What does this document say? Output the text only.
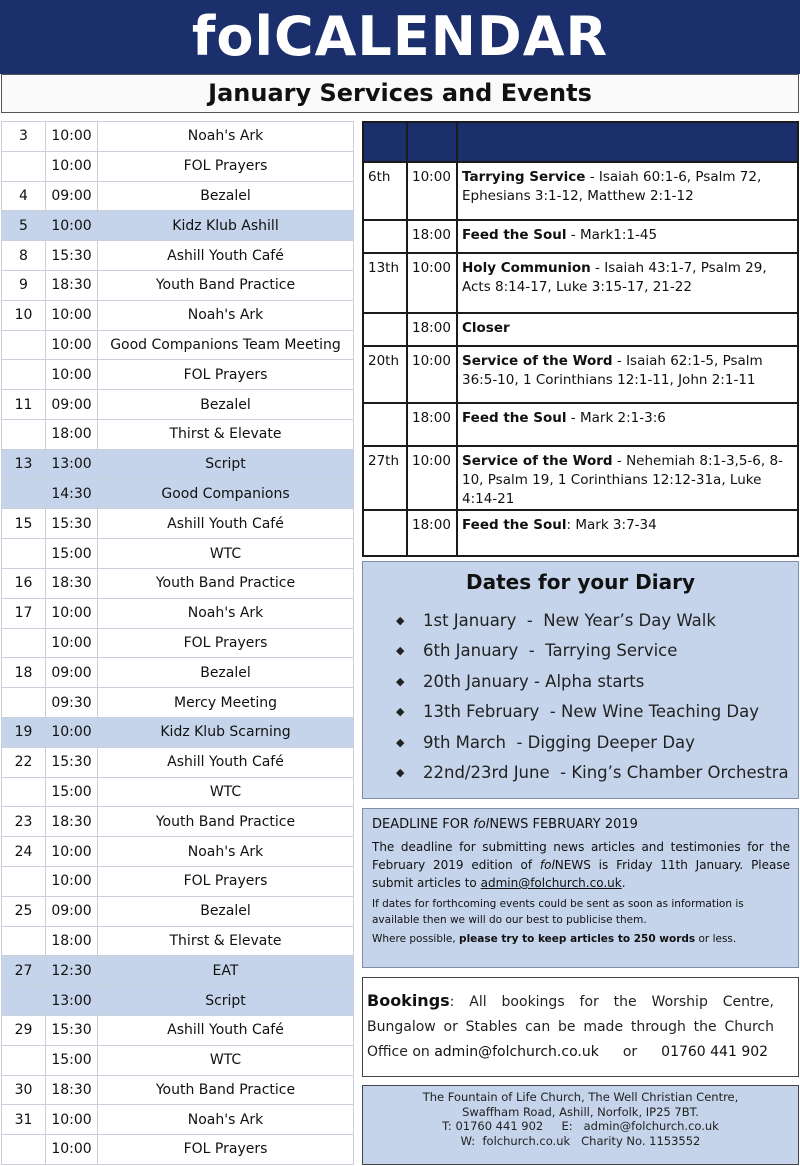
folCALENDAR
January Services and Events
3	10:00	Noah's Ark
	10:00	FOL Prayers
4	09:00	Bezalel
5	10:00	Kidz Klub Ashill
8	15:30	Ashill Youth Café
9	18:30	Youth Band Practice
10	10:00	Noah's Ark
	10:00	Good Companions Team Meeting
	10:00	FOL Prayers
11	09:00	Bezalel
	18:00	Thirst & Elevate
13	13:00	Script
	14:30	Good Companions
15	15:30	Ashill Youth Café
	15:00	WTC
16	18:30	Youth Band Practice
17	10:00	Noah's Ark
	10:00	FOL Prayers
18	09:00	Bezalel
	09:30	Mercy Meeting
19	10:00	Kidz Klub Scarning
22	15:30	Ashill Youth Café
	15:00	WTC
23	18:30	Youth Band Practice
24	10:00	Noah's Ark
	10:00	FOL Prayers
25	09:00	Bezalel
	18:00	Thirst & Elevate
27	12:30	EAT
	13:00	Script
29	15:30	Ashill Youth Café
	15:00	WTC
30	18:30	Youth Band Practice
31	10:00	Noah's Ark
	10:00	FOL Prayers

6th	10:00	Tarrying Service - Isaiah 60:1-6, Psalm 72, Ephesians 3:1-12, Matthew 2:1-12
	18:00	Feed the Soul - Mark1:1-45
13th	10:00	Holy Communion - Isaiah 43:1-7, Psalm 29, Acts 8:14-17, Luke 3:15-17, 21-22
	18:00	Closer
20th	10:00	Service of the Word - Isaiah 62:1-5, Psalm 36:5-10, 1 Corinthians 12:1-11, John 2:1-11
	18:00	Feed the Soul - Mark 2:1-3:6
27th	10:00	Service of the Word - Nehemiah 8:1-3,5-6, 8-10, Psalm 19, 1 Corinthians 12:12-31a, Luke 4:14-21
	18:00	Feed the Soul: Mark 3:7-34
Dates for your Diary
◆ 1st January  -  New Year’s Day Walk
◆ 6th January  -  Tarrying Service
◆ 20th January - Alpha starts
◆ 13th February  - New Wine Teaching Day
◆ 9th March  - Digging Deeper Day
◆ 22nd/23rd June  - King’s Chamber Orchestra
DEADLINE FOR folNEWS FEBRUARY 2019
The deadline for submitting news articles and testimonies for the February 2019 edition of folNEWS is Friday 11th January. Please submit articles to admin@folchurch.co.uk.
If dates for forthcoming events could be sent as soon as information is available then we will do our best to publicise them.
Where possible, please try to keep articles to 250 words or less.
Bookings: All bookings for the Worship Centre, Bungalow or Stables can be made through the Church Office on admin@folchurch.co.uk or 01760 441 902
The Fountain of Life Church, The Well Christian Centre,
Swaffham Road, Ashill, Norfolk, IP25 7BT.
T: 01760 441 902     E:   admin@folchurch.co.uk
W:  folchurch.co.uk   Charity No. 1153552
